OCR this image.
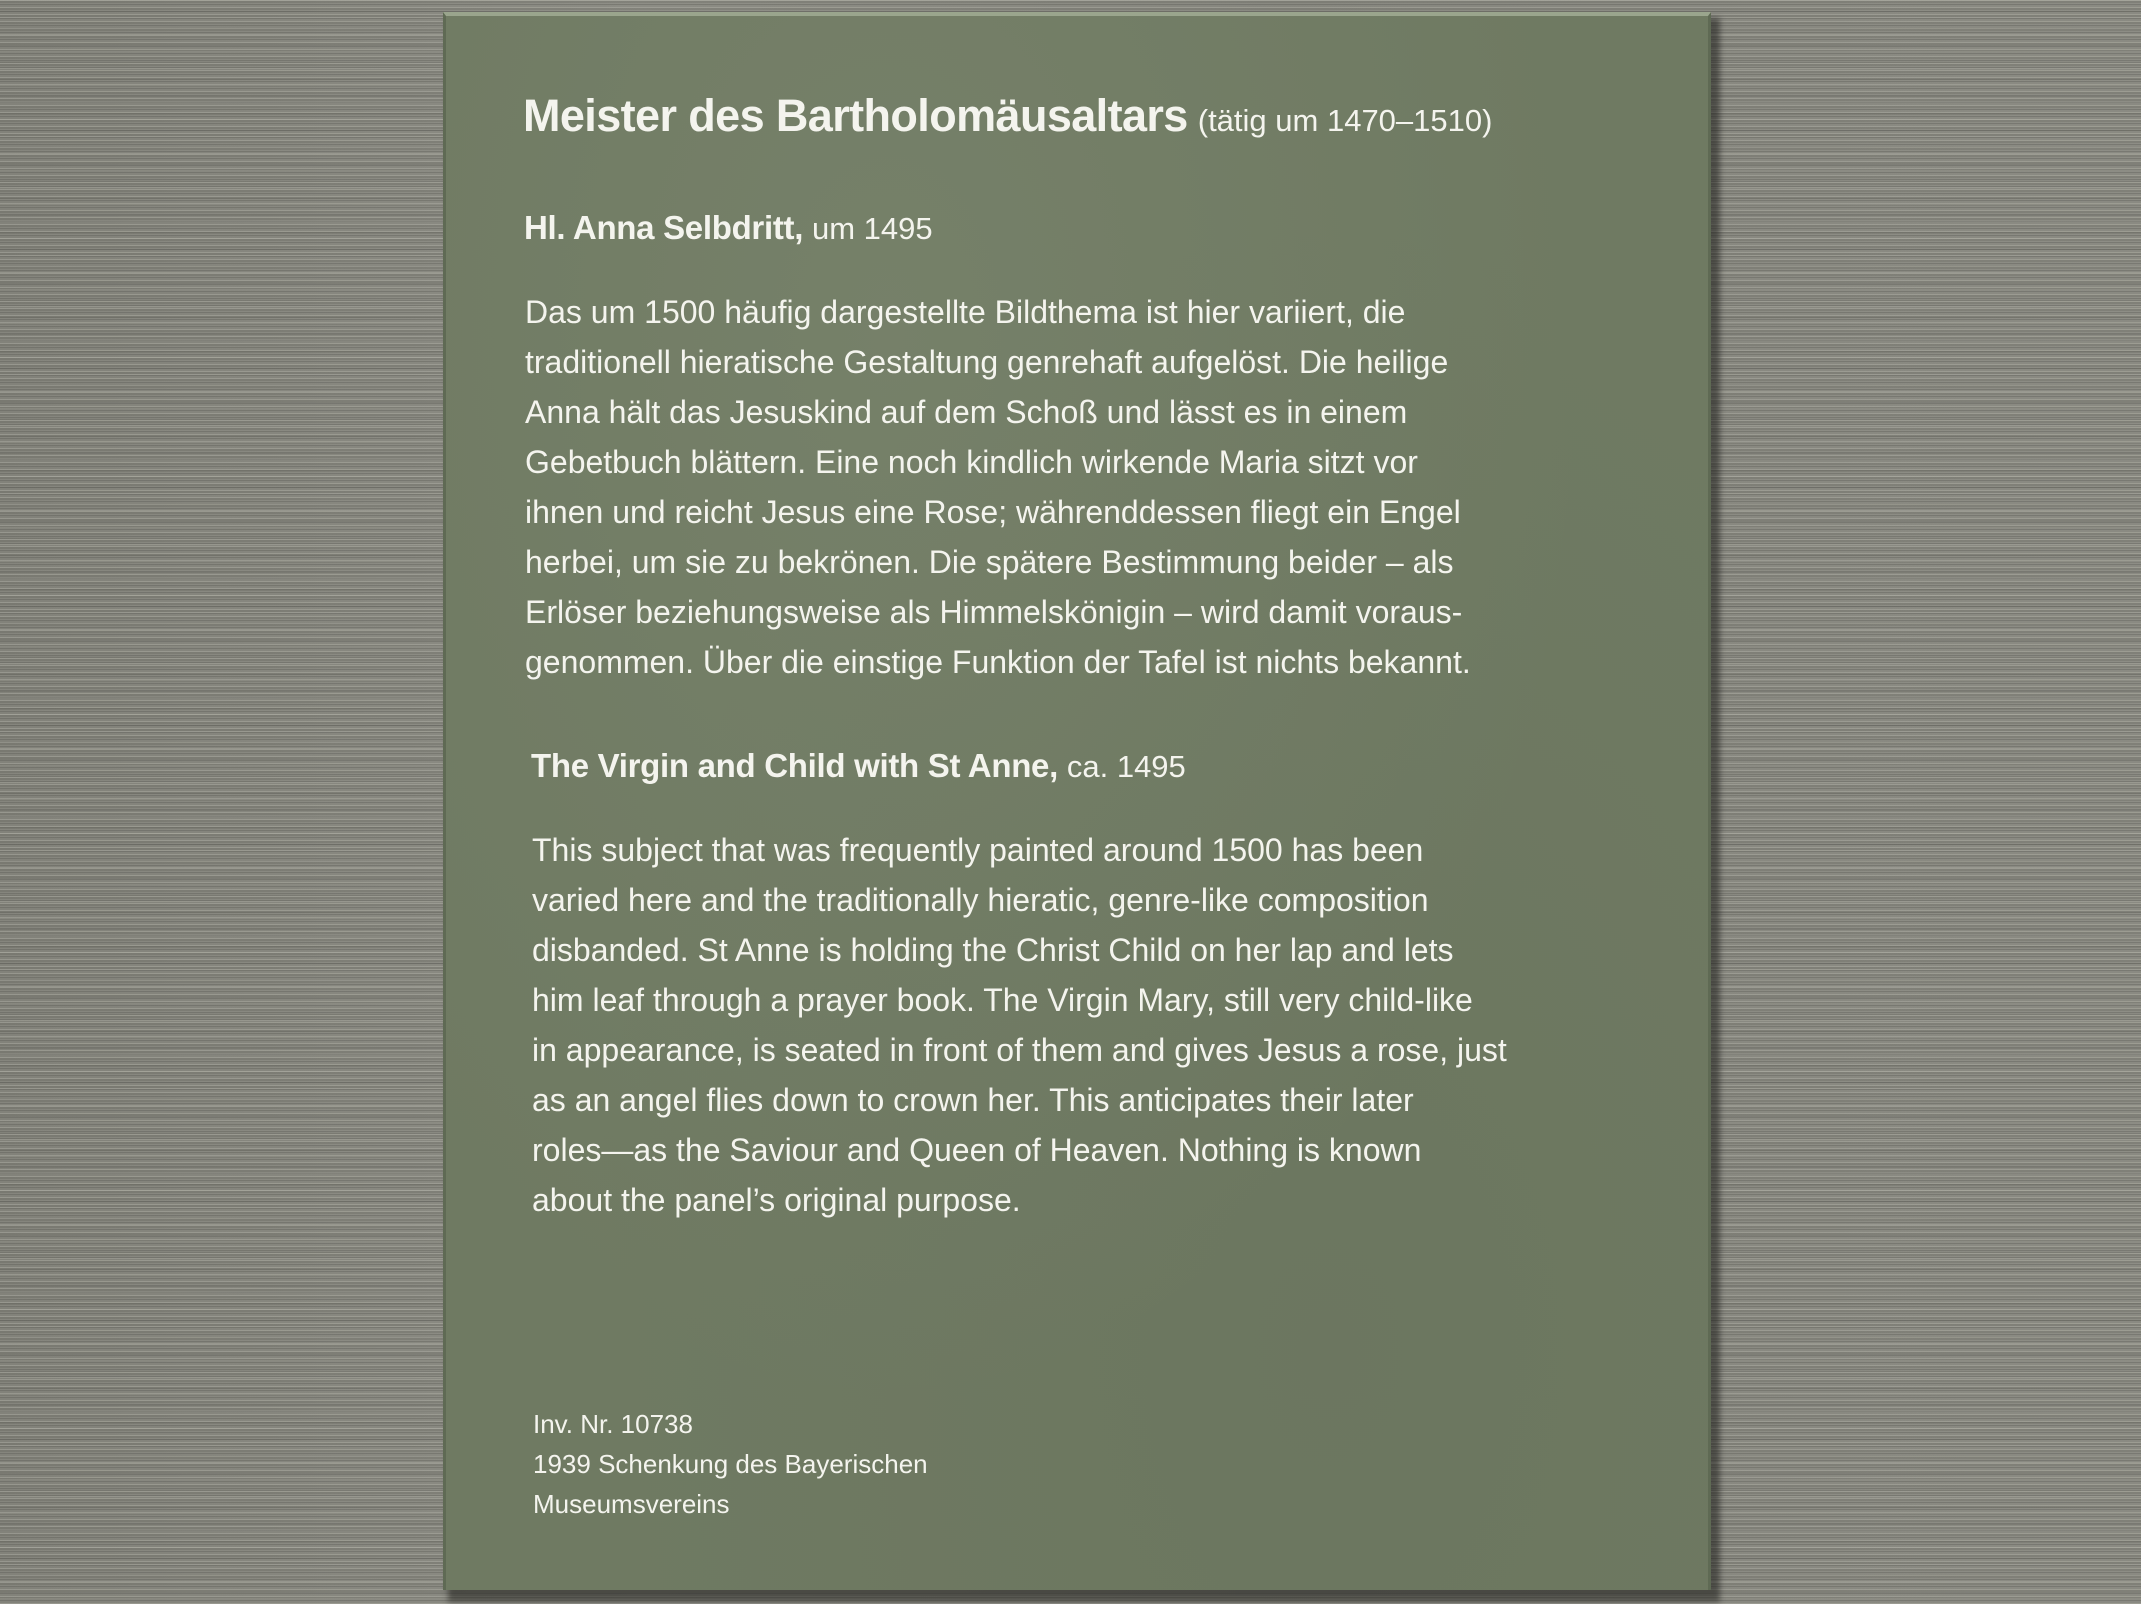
Meister des Bartholomäusaltars (tätig um 1470–1510)
Hl. Anna Selbdritt, um 1495
Das um 1500 häufig dargestellte Bildthema ist hier variiert, die
traditionell hieratische Gestaltung genrehaft aufgelöst. Die heilige
Anna hält das Jesuskind auf dem Schoß und lässt es in einem
Gebetbuch blättern. Eine noch kindlich wirkende Maria sitzt vor
ihnen und reicht Jesus eine Rose; währenddessen fliegt ein Engel
herbei, um sie zu bekrönen. Die spätere Bestimmung beider – als
Erlöser beziehungsweise als Himmelskönigin – wird damit voraus-
genommen. Über die einstige Funktion der Tafel ist nichts bekannt.
The Virgin and Child with St Anne, ca. 1495
This subject that was frequently painted around 1500 has been
varied here and the traditionally hieratic, genre-like composition
disbanded. St Anne is holding the Christ Child on her lap and lets
him leaf through a prayer book. The Virgin Mary, still very child-like
in appearance, is seated in front of them and gives Jesus a rose, just
as an angel flies down to crown her. This anticipates their later
roles—as the Saviour and Queen of Heaven. Nothing is known
about the panel’s original purpose.
Inv. Nr. 10738
1939 Schenkung des Bayerischen
Museumsvereins
